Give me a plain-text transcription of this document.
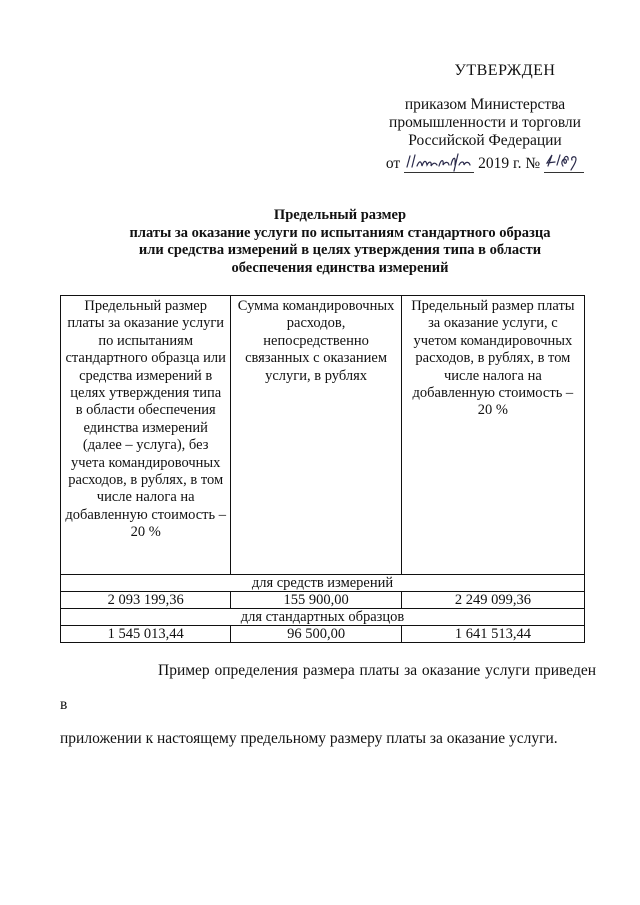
УТВЕРЖДЕН
приказом Министерства
промышленности и торговли
Российской Федерации
от	2019 г. №
Предельный размер
платы за оказание услуги по испытаниям стандартного образца
или средства измерений в целях утверждения типа в области
обеспечения единства измерений
Предельный размер платы за оказание услуги по испытаниям стандартного образца или средства измерений в целях утверждения типа в области обеспечения единства измерений (далее – услуга), без учета командировочных расходов, в рублях, в том числе налога на добавленную стоимость – 20 %	Сумма командировочных расходов, непосредственно связанных с оказанием услуги, в рублях	Предельный размер платы за оказание услуги, с учетом командировочных расходов, в рублях, в том числе налога на добавленную стоимость – 20 %
для средств измерений		
2 093 199,36	155 900,00	2 249 099,36
для стандартных образцов		
1 545 013,44	96 500,00	1 641 513,44
Пример определения размера платы за оказание услуги приведен в
приложении к настоящему предельному размеру платы за оказание услуги.
